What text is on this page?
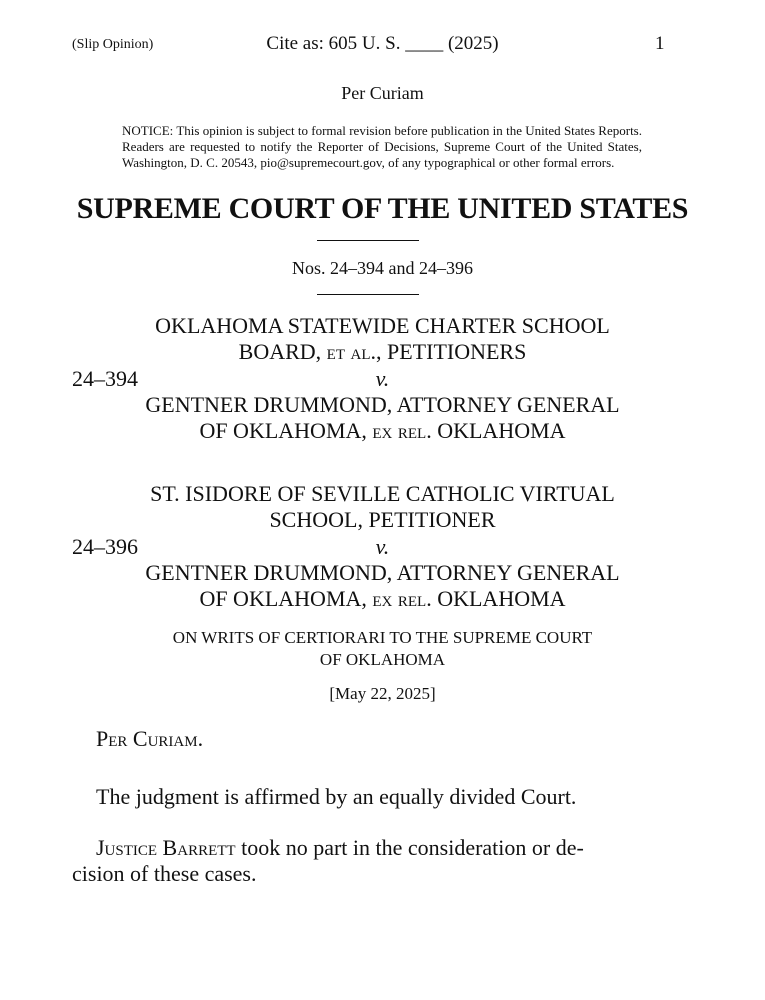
(Slip Opinion)	Cite as: 605 U. S. ____ (2025)	1
Per Curiam
NOTICE: This opinion is subject to formal revision before publication in the United States Reports. Readers are requested to notify the Reporter of Decisions, Supreme Court of the United States, Washington, D. C. 20543, pio@supremecourt.gov, of any typographical or other formal errors.
SUPREME COURT OF THE UNITED STATES
Nos. 24–394 and 24–396
OKLAHOMA STATEWIDE CHARTER SCHOOL
BOARD, et al., PETITIONERS
24–394	v.
GENTNER DRUMMOND, ATTORNEY GENERAL
OF OKLAHOMA, ex rel. OKLAHOMA
ST. ISIDORE OF SEVILLE CATHOLIC VIRTUAL
SCHOOL, PETITIONER
24–396	v.
GENTNER DRUMMOND, ATTORNEY GENERAL
OF OKLAHOMA, ex rel. OKLAHOMA
ON WRITS OF CERTIORARI TO THE SUPREME COURT
OF OKLAHOMA
[May 22, 2025]
Per Curiam.
The judgment is affirmed by an equally divided Court.
Justice Barrett took no part in the consideration or de-
cision of these cases.
